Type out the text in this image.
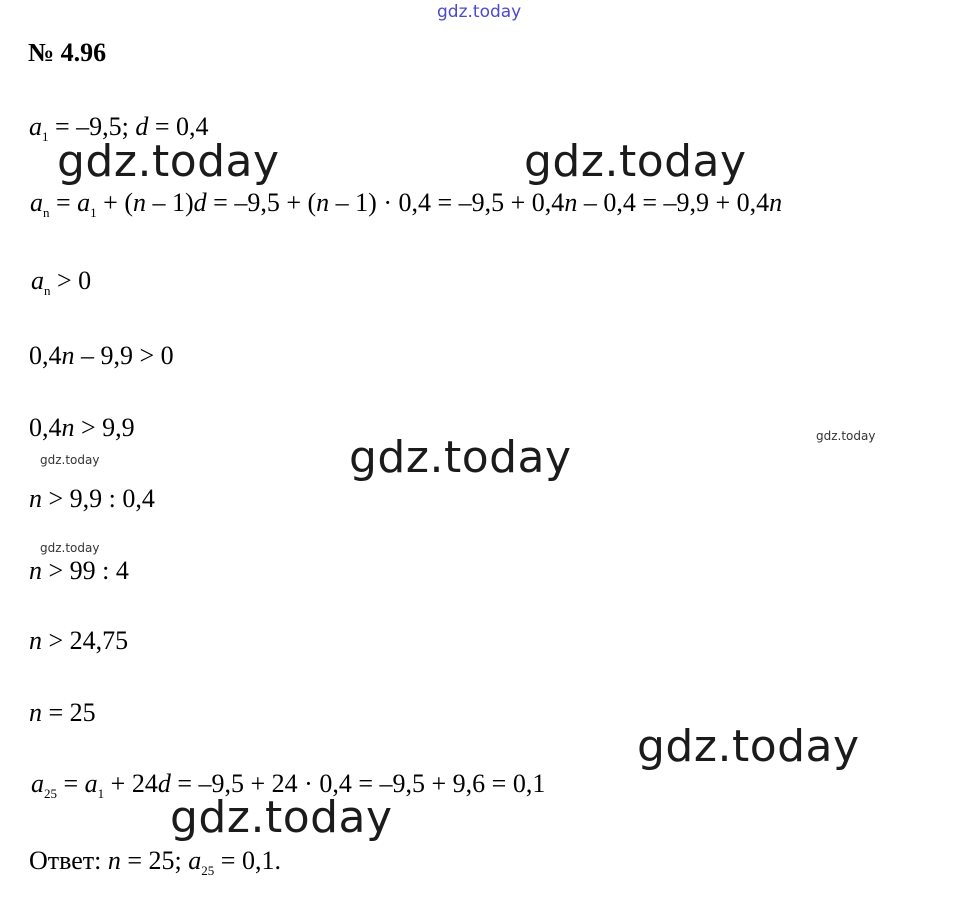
gdz.today
№ 4.96
$a_1 = -9,5$; d = 0,4
$a_n = a_1 + (n - 1)d = -9,5 + (n - 1) \cdot 0,4 = -9,5 + 0,4n - 0,4 = -9,9 + 0,4n$
$a_n > 0$
0,4n – 9,9 > 0
0,4n > 9,9
n > 9,9 : 0,4
n > 99 : 4
n > 24,75
n = 25
$a_{25} = a_1 + 24d = -9,5 + 24 \cdot 0,4 = -9,5 + 9,6 = 0,1$
Ответ: n = 25; $a_{25} = 0,1$.
gdz.today	gdz.today
gdz.today
gdz.today
gdz.today
gdz.today
gdz.today
gdz.today
